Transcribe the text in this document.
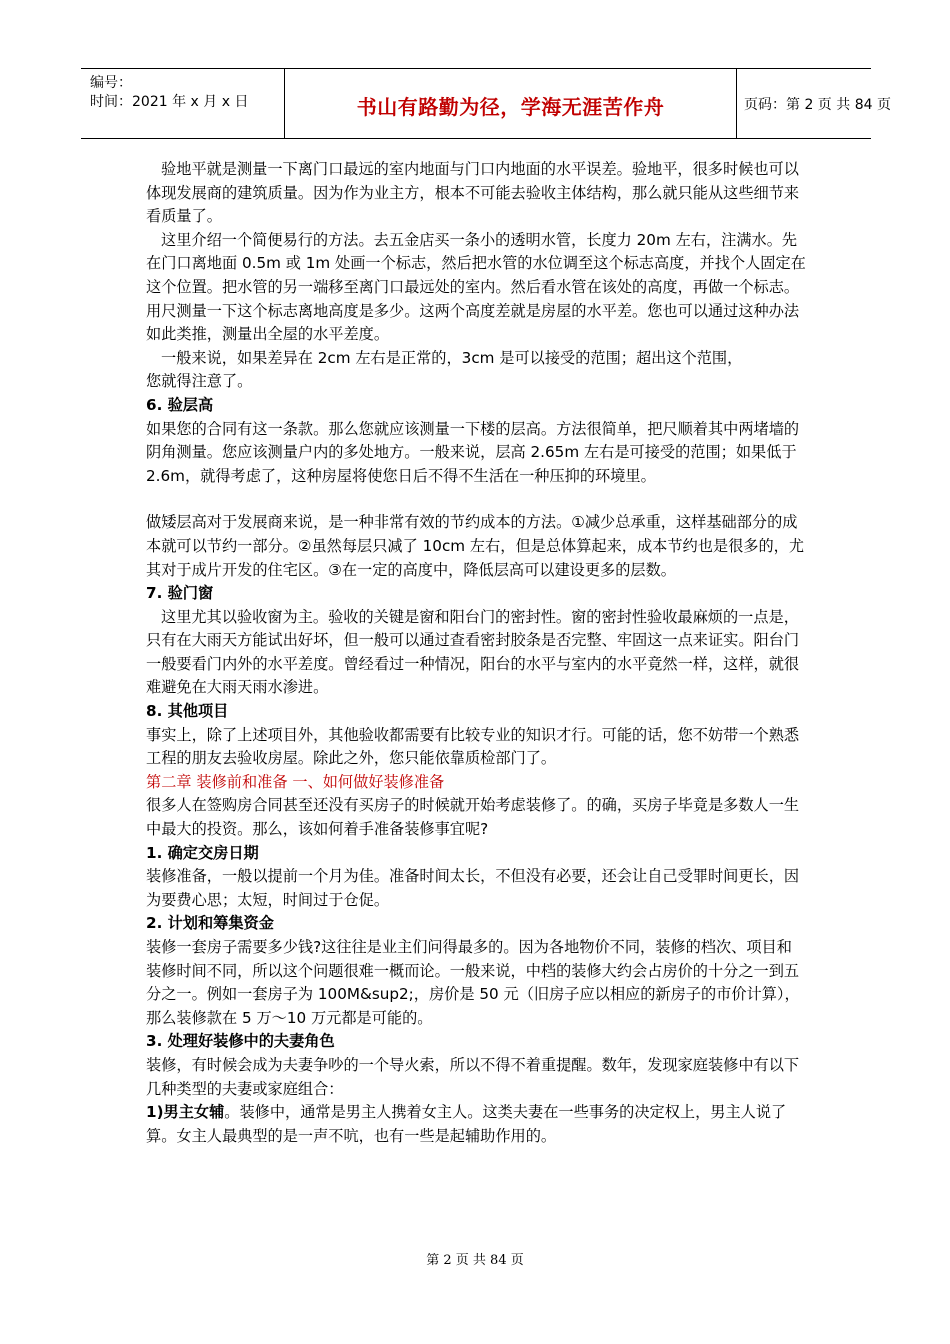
编号：
时间：2021 年 x 月 x 日	书山有路勤为径，学海无涯苦作舟	页码：第 2 页 共 84 页

验地平就是测量一下离门口最远的室内地面与门口内地面的水平误差。验地平，很多时候也可以体现发展商的建筑质量。因为作为业主方，根本不可能去验收主体结构，那么就只能从这些细节来看质量了。

这里介绍一个简便易行的方法。去五金店买一条小的透明水管，长度力 20m 左右，注满水。先在门口离地面 0.5m 或 1m 处画一个标志，然后把水管的水位调至这个标志高度，并找个人固定在这个位置。把水管的另一端移至离门口最远处的室内。然后看水管在该处的高度，再做一个标志。用尺测量一下这个标志离地高度是多少。这两个高度差就是房屋的水平差。您也可以通过这种办法如此类推，测量出全屋的水平差度。

一般来说，如果差异在 2cm 左右是正常的，3cm 是可以接受的范围；超出这个范围，

您就得注意了。

6. 验层高

如果您的合同有这一条款。那么您就应该测量一下楼的层高。方法很简单，把尺顺着其中两堵墙的阴角测量。您应该测量户内的多处地方。一般来说，层高 2.65m 左右是可接受的范围；如果低于 2.6m，就得考虑了，这种房屋将使您日后不得不生活在一种压抑的环境里。

做矮层高对于发展商来说，是一种非常有效的节约成本的方法。①减少总承重，这样基础部分的成本就可以节约一部分。②虽然每层只减了 10cm 左右，但是总体算起来，成本节约也是很多的，尤其对于成片开发的住宅区。③在一定的高度中，降低层高可以建设更多的层数。

7. 验门窗

这里尤其以验收窗为主。验收的关键是窗和阳台门的密封性。窗的密封性验收最麻烦的一点是，只有在大雨天方能试出好坏，但一般可以通过查看密封胶条是否完整、牢固这一点来证实。阳台门一般要看门内外的水平差度。曾经看过一种情况，阳台的水平与室内的水平竟然一样，这样，就很难避免在大雨天雨水渗进。

8. 其他项目

事实上，除了上述项目外，其他验收都需要有比较专业的知识才行。可能的话，您不妨带一个熟悉工程的朋友去验收房屋。除此之外，您只能依靠质检部门了。

第二章 装修前和准备 一、如何做好装修准备

很多人在签购房合同甚至还没有买房子的时候就开始考虑装修了。的确，买房子毕竟是多数人一生中最大的投资。那么，该如何着手准备装修事宜呢?

1. 确定交房日期

装修准备，一般以提前一个月为佳。准备时间太长，不但没有必要，还会让自己受罪时间更长，因为要费心思；太短，时间过于仓促。

2. 计划和筹集资金

装修一套房子需要多少钱?这往往是业主们问得最多的。因为各地物价不同，装修的档次、项目和装修时间不同，所以这个问题很难一概而论。一般来说，中档的装修大约会占房价的十分之一到五分之一。例如一套房子为 100M&sup2;，房价是 50 元（旧房子应以相应的新房子的市价计算），那么装修款在 5 万～10 万元都是可能的。

3. 处理好装修中的夫妻角色

装修，有时候会成为夫妻争吵的一个导火索，所以不得不着重提醒。数年，发现家庭装修中有以下几种类型的夫妻或家庭组合：

1)男主女辅。装修中，通常是男主人携着女主人。这类夫妻在一些事务的决定权上，男主人说了算。女主人最典型的是一声不吭，也有一些是起辅助作用的。

第 2 页 共 84 页
